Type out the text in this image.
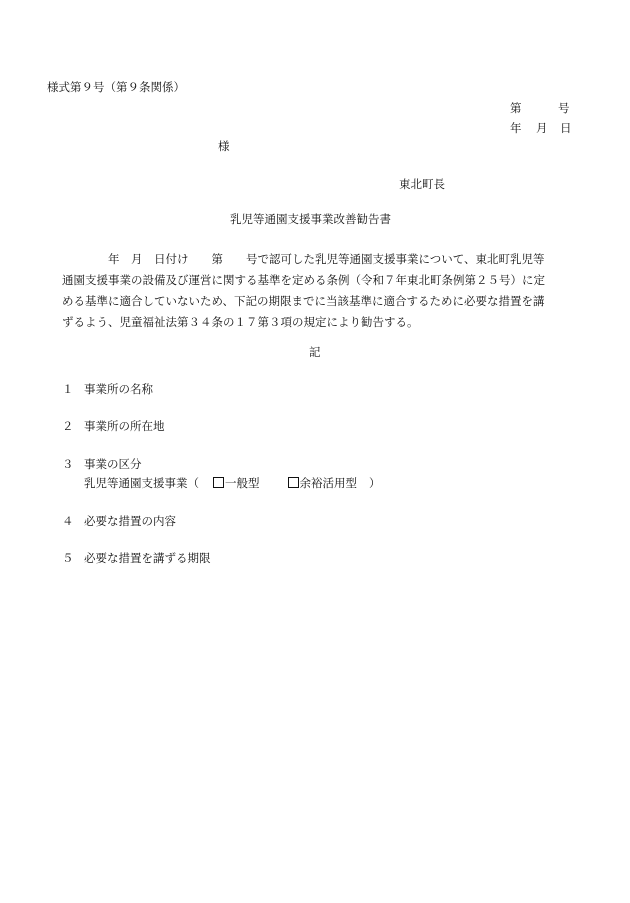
様式第９号（第９条関係）

第	号

年 月 日

様

東北町長

乳児等通園支援事業改善勧告書

年　月　日付け　　第　　号で認可した乳児等通園支援事業について、東北町乳児等
通園支援事業の設備及び運営に関する基準を定める条例（令和７年東北町条例第２５号）に定
める基準に適合していないため、下記の期限までに当該基準に適合するために必要な措置を講
ずるよう、児童福祉法第３４条の１７第３項の規定により勧告する。

記

１ 事業所の名称

２ 事業所の所在地

３ 事業の区分

乳児等通園支援事業（ 一般型	余裕活用型 ）

４ 必要な措置の内容

５ 必要な措置を講ずる期限
